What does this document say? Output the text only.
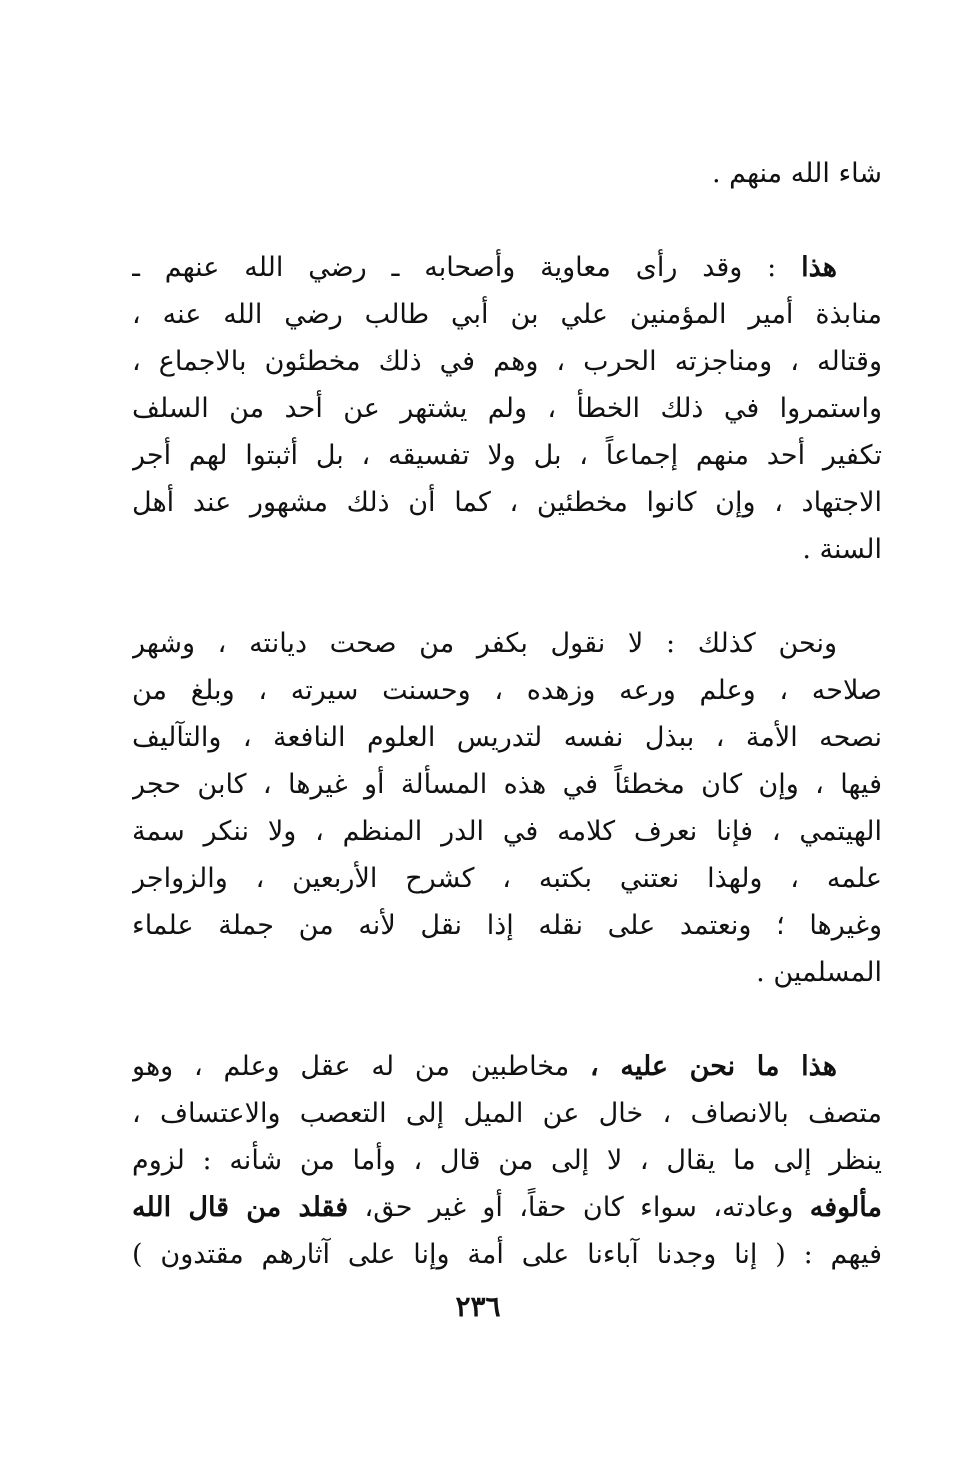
شاء الله منهم .
هذا : وقد رأى معاوية وأصحابه ـ رضي الله عنهم ـ
منابذة أمير المؤمنين علي بن أبي طالب رضي الله عنه ،
وقتاله ، ومناجزته الحرب ، وهم في ذلك مخطئون بالاجماع ،
واستمروا في ذلك الخطأ ، ولم يشتهر عن أحد من السلف
تكفير أحد منهم إجماعاً ، بل ولا تفسيقه ، بل أثبتوا لهم أجر
الاجتهاد ، وإن كانوا مخطئين ، كما أن ذلك مشهور عند أهل
السنة .
ونحن كذلك : لا نقول بكفر من صحت ديانته ، وشهر
صلاحه ، وعلم ورعه وزهده ، وحسنت سيرته ، وبلغ من
نصحه الأمة ، ببذل نفسه لتدريس العلوم النافعة ، والتآليف
فيها ، وإن كان مخطئاً في هذه المسألة أو غيرها ، كابن حجر
الهيتمي ، فإنا نعرف كلامه في الدر المنظم ، ولا ننكر سمة
علمه ، ولهذا نعتني بكتبه ، كشرح الأربعين ، والزواجر
وغيرها ؛ ونعتمد على نقله إذا نقل لأنه من جملة علماء
المسلمين .
هذا ما نحن عليه ، مخاطبين من له عقل وعلم ، وهو
متصف بالانصاف ، خال عن الميل إلى التعصب والاعتساف ،
ينظر إلى ما يقال ، لا إلى من قال ، وأما من شأنه : لزوم
مألوفه وعادته، سواء كان حقاً، أو غير حق، فقلد من قال الله
فيهم : ( إنا وجدنا آباءنا على أمة وإنا على آثارهم مقتدون )
٢٣٦
